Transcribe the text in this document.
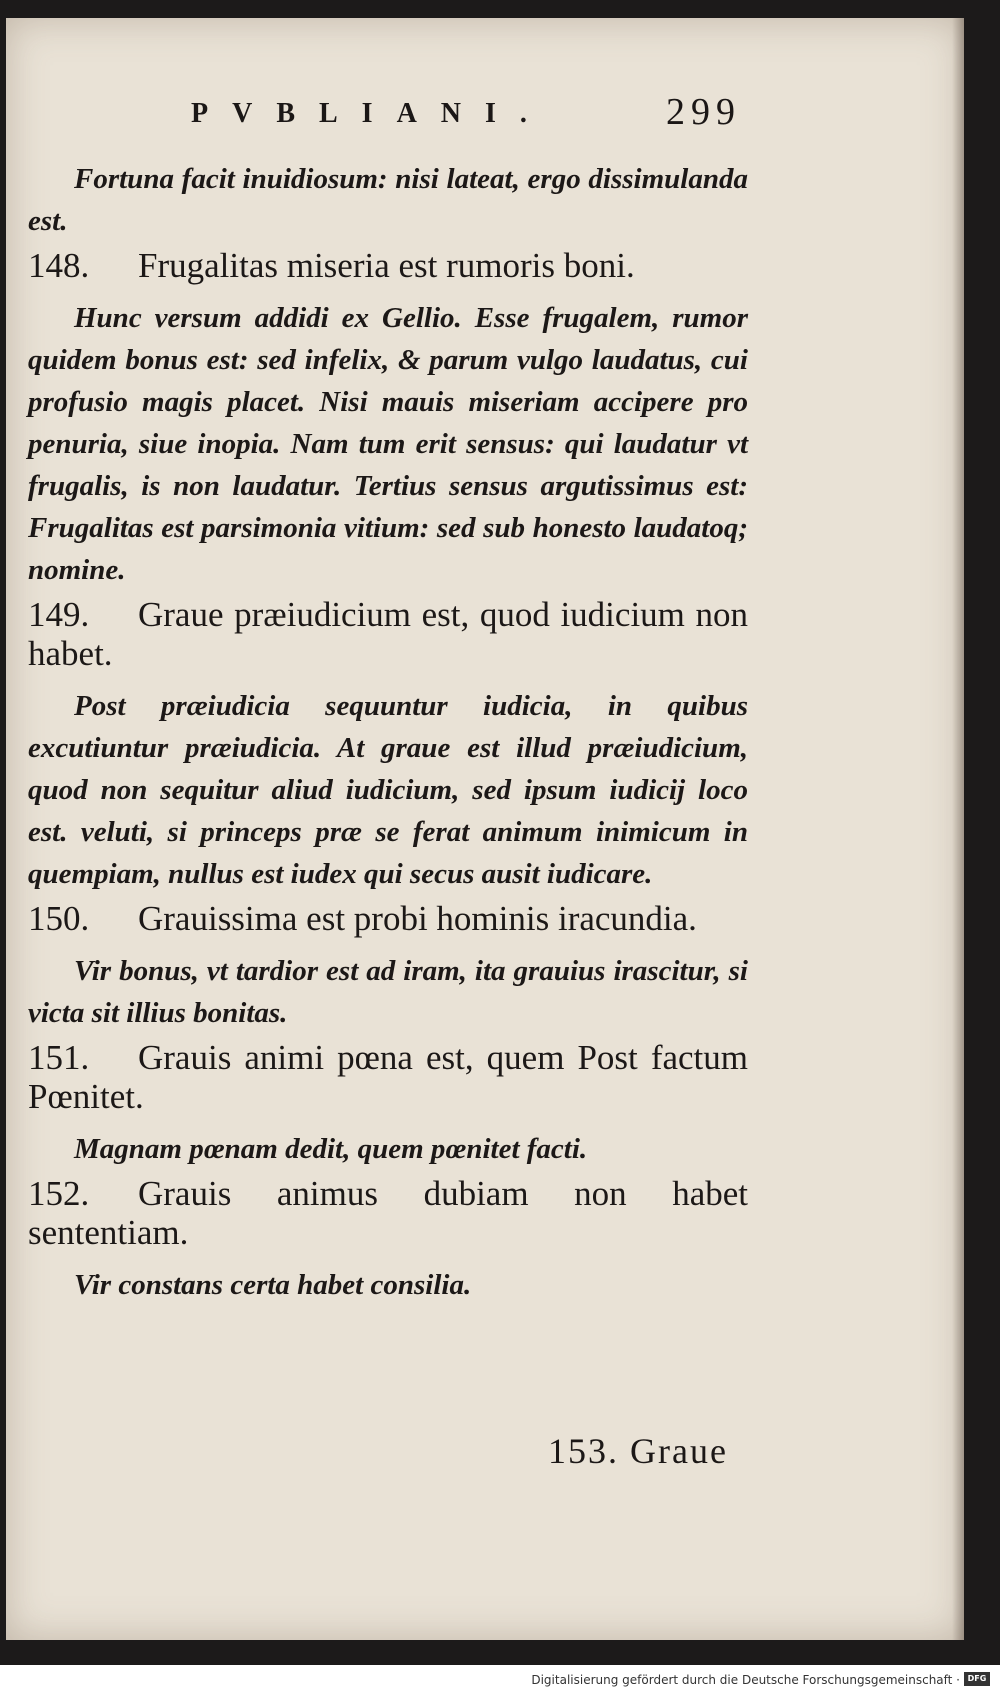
PVBLIANI.	299

Fortuna facit inuidiosum: nisi lateat, ergo dissimulanda est.

148. Frugalitas miseria est rumoris boni.

Hunc versum addidi ex Gellio. Esse frugalem, rumor quidem bonus est: sed infelix, & parum vulgo laudatus, cui profusio magis placet. Nisi mauis miseriam accipere pro penuria, siue inopia. Nam tum erit sensus: qui laudatur vt frugalis, is non laudatur. Tertius sensus argutissimus est: Frugalitas est parsimonia vitium: sed sub honesto laudatoq; nomine.

149. Graue præiudicium est, quod iudicium non habet.

Post præiudicia sequuntur iudicia, in quibus excutiuntur præiudicia. At graue est illud præiudicium, quod non sequitur aliud iudicium, sed ipsum iudicij loco est. veluti, si princeps præ se ferat animum inimicum in quempiam, nullus est iudex qui secus ausit iudicare.

150. Grauissima est probi hominis iracundia.

Vir bonus, vt tardior est ad iram, ita grauius irascitur, si victa sit illius bonitas.

151. Grauis animi pœna est, quem Post factum Pœnitet.

Magnam pœnam dedit, quem pœnitet facti.

152. Grauis animus dubiam non habet sententiam.

Vir constans certa habet consilia.

153. Graue
Digitalisierung gefördert durch die Deutsche Forschungsgemeinschaft · DFG
